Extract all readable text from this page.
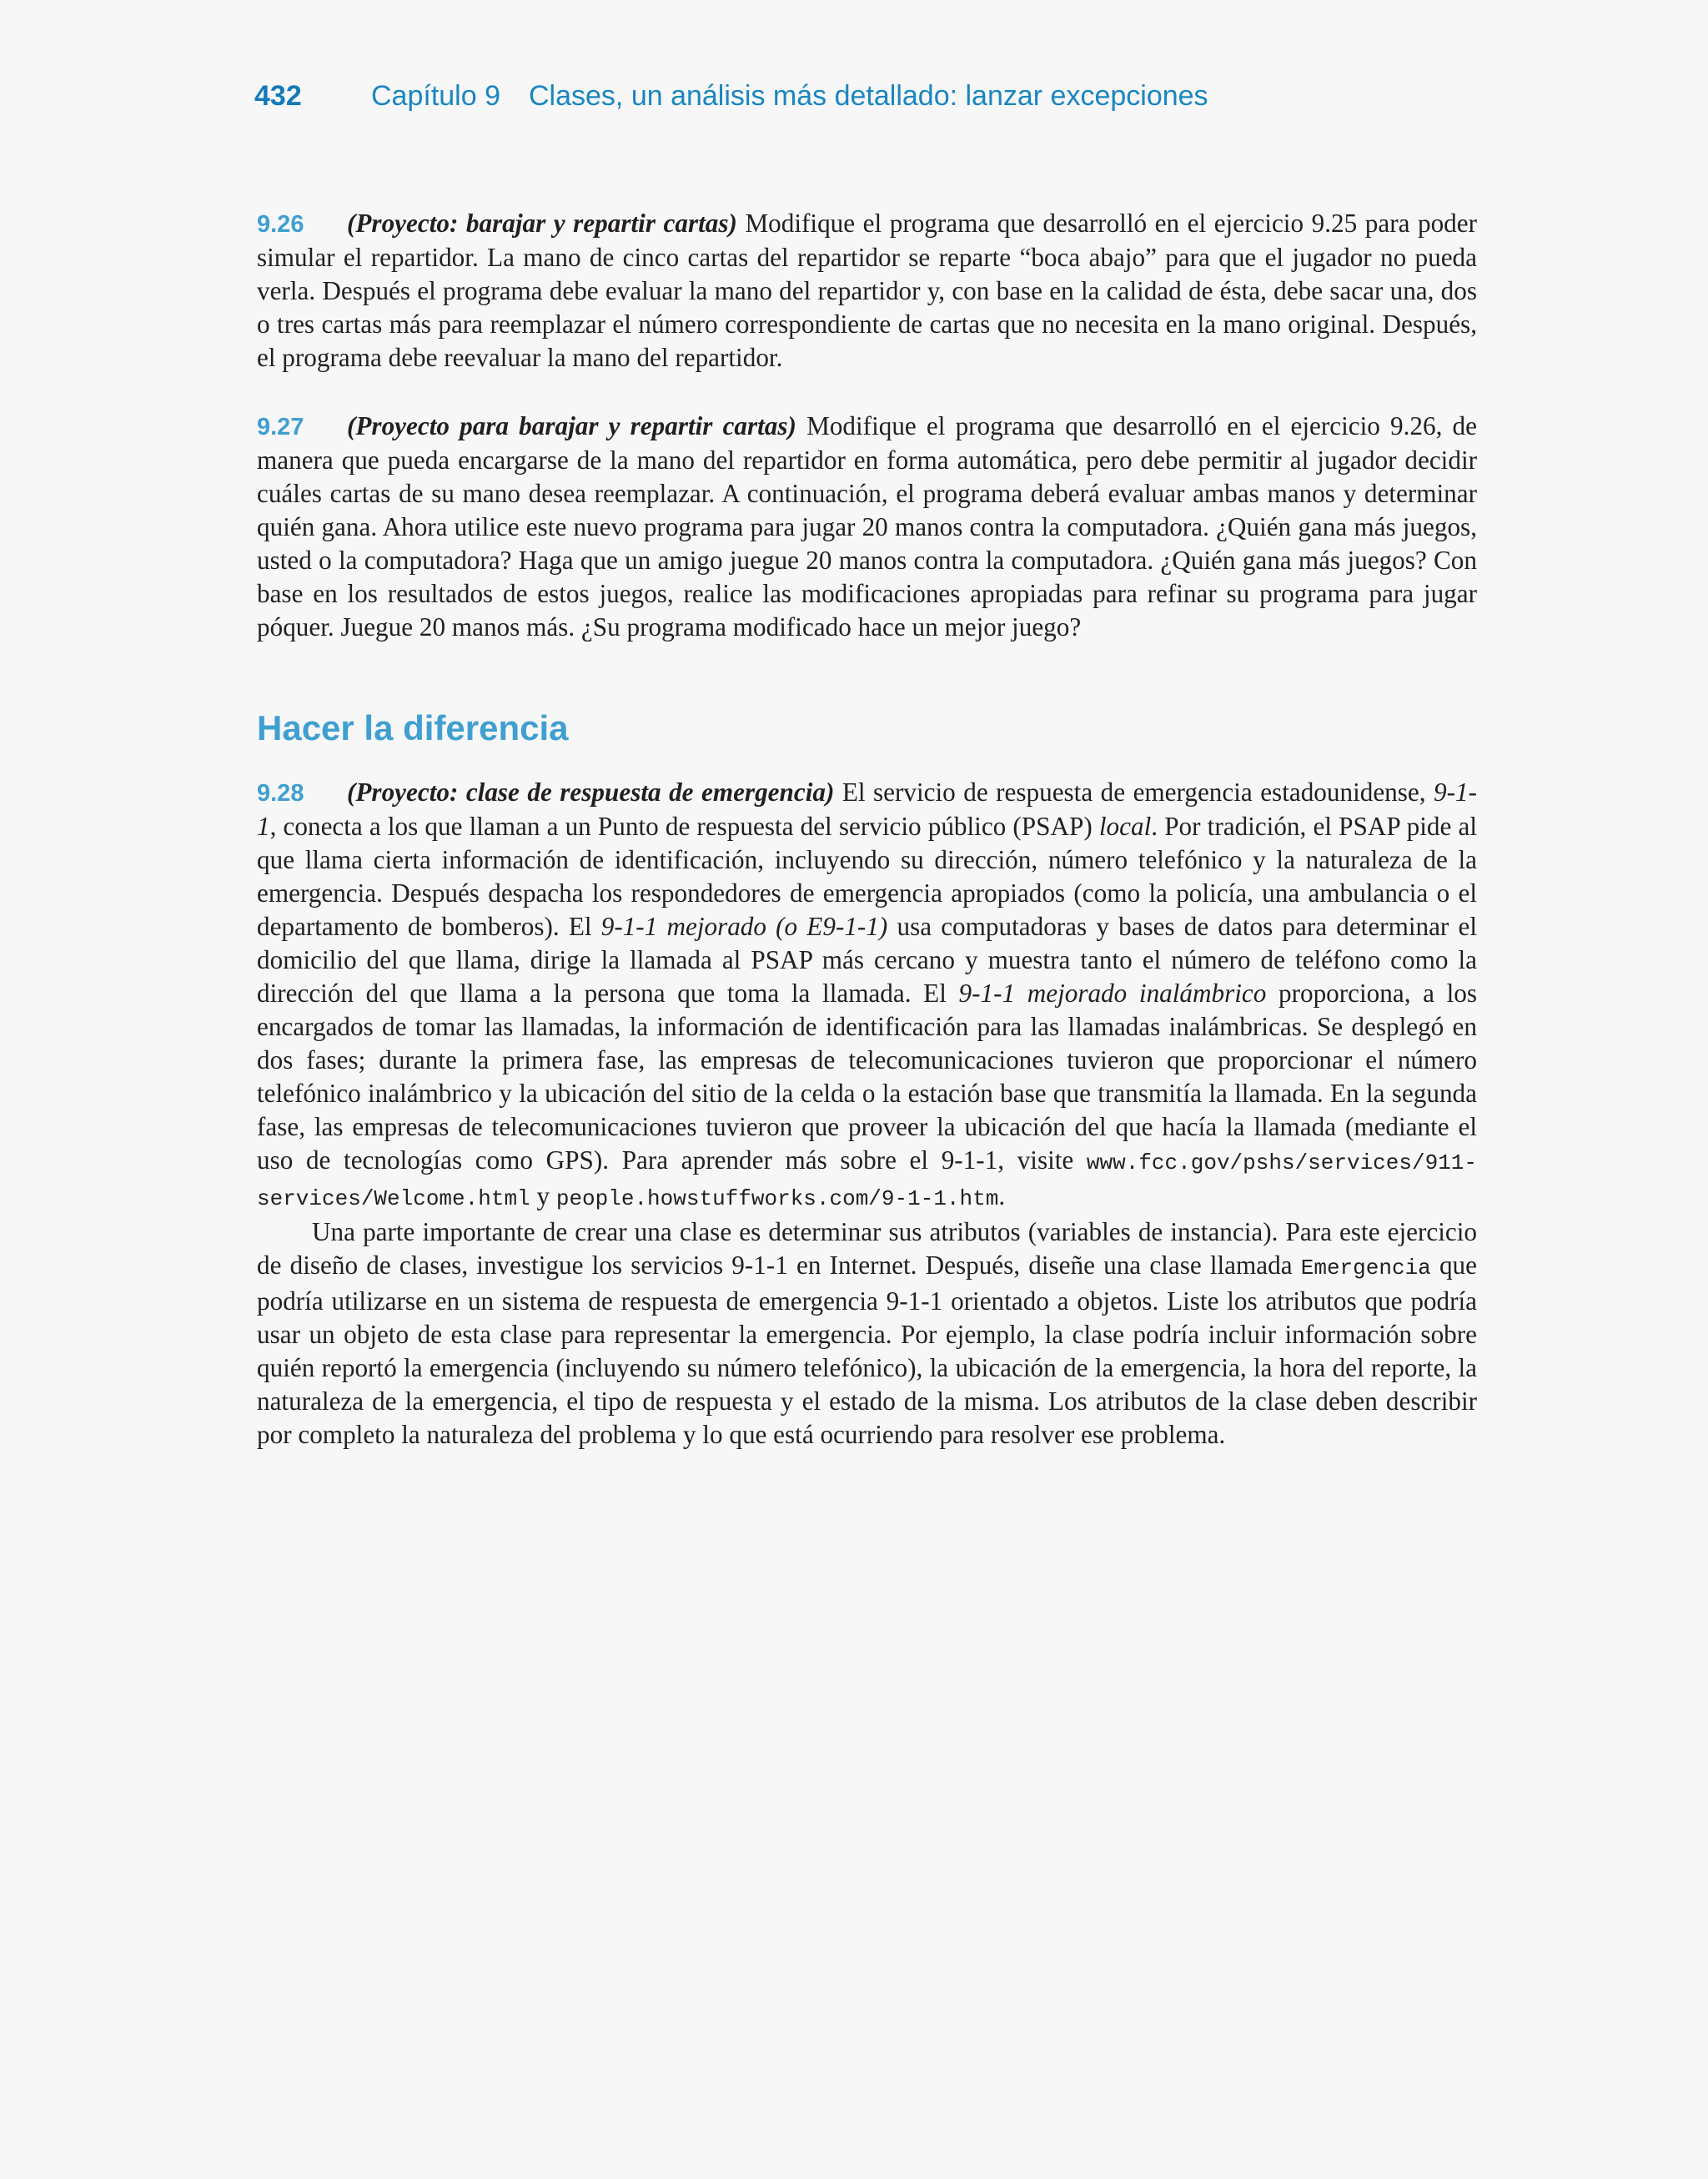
432 Capítulo 9 Clases, un análisis más detallado: lanzar excepciones

9.26 (Proyecto: barajar y repartir cartas) Modifique el programa que desarrolló en el ejercicio 9.25 para poder simular el repartidor. La mano de cinco cartas del repartidor se reparte “boca abajo” para que el jugador no pueda verla. Después el programa debe evaluar la mano del repartidor y, con base en la calidad de ésta, debe sacar una, dos o tres cartas más para reemplazar el número correspondiente de cartas que no necesita en la mano original. Después, el programa debe reevaluar la mano del repartidor.

9.27 (Proyecto para barajar y repartir cartas) Modifique el programa que desarrolló en el ejercicio 9.26, de manera que pueda encargarse de la mano del repartidor en forma automática, pero debe permitir al jugador decidir cuáles cartas de su mano desea reemplazar. A continuación, el programa deberá evaluar ambas manos y determinar quién gana. Ahora utilice este nuevo programa para jugar 20 manos contra la computadora. ¿Quién gana más juegos, usted o la computadora? Haga que un amigo juegue 20 manos contra la computadora. ¿Quién gana más juegos? Con base en los resultados de estos juegos, realice las modificaciones apropiadas para refinar su programa para jugar póquer. Juegue 20 manos más. ¿Su programa modificado hace un mejor juego?

Hacer la diferencia

9.28 (Proyecto: clase de respuesta de emergencia) El servicio de respuesta de emergencia estadounidense, 9-1-1, conecta a los que llaman a un Punto de respuesta del servicio público (PSAP) local. Por tradición, el PSAP pide al que llama cierta información de identificación, incluyendo su dirección, número telefónico y la naturaleza de la emergencia. Después despacha los respondedores de emergencia apropiados (como la policía, una ambulancia o el departamento de bomberos). El 9-1-1 mejorado (o E9-1-1) usa computadoras y bases de datos para determinar el domicilio del que llama, dirige la llamada al PSAP más cercano y muestra tanto el número de teléfono como la dirección del que llama a la persona que toma la llamada. El 9-1-1 mejorado inalámbrico proporciona, a los encargados de tomar las llamadas, la información de identificación para las llamadas inalámbricas. Se desplegó en dos fases; durante la primera fase, las empresas de telecomunicaciones tuvieron que proporcionar el número telefónico inalámbrico y la ubicación del sitio de la celda o la estación base que transmitía la llamada. En la segunda fase, las empresas de telecomunicaciones tuvieron que proveer la ubicación del que hacía la llamada (mediante el uso de tecnologías como GPS). Para aprender más sobre el 9-1-1, visite www.fcc.gov/pshs/services/911-services/Welcome.html y people.howstuffworks.com/9-1-1.htm.

Una parte importante de crear una clase es determinar sus atributos (variables de instancia). Para este ejercicio de diseño de clases, investigue los servicios 9-1-1 en Internet. Después, diseñe una clase llamada Emergencia que podría utilizarse en un sistema de respuesta de emergencia 9-1-1 orientado a objetos. Liste los atributos que podría usar un objeto de esta clase para representar la emergencia. Por ejemplo, la clase podría incluir información sobre quién reportó la emergencia (incluyendo su número telefónico), la ubicación de la emergencia, la hora del reporte, la naturaleza de la emergencia, el tipo de respuesta y el estado de la misma. Los atributos de la clase deben describir por completo la naturaleza del problema y lo que está ocurriendo para resolver ese problema.
